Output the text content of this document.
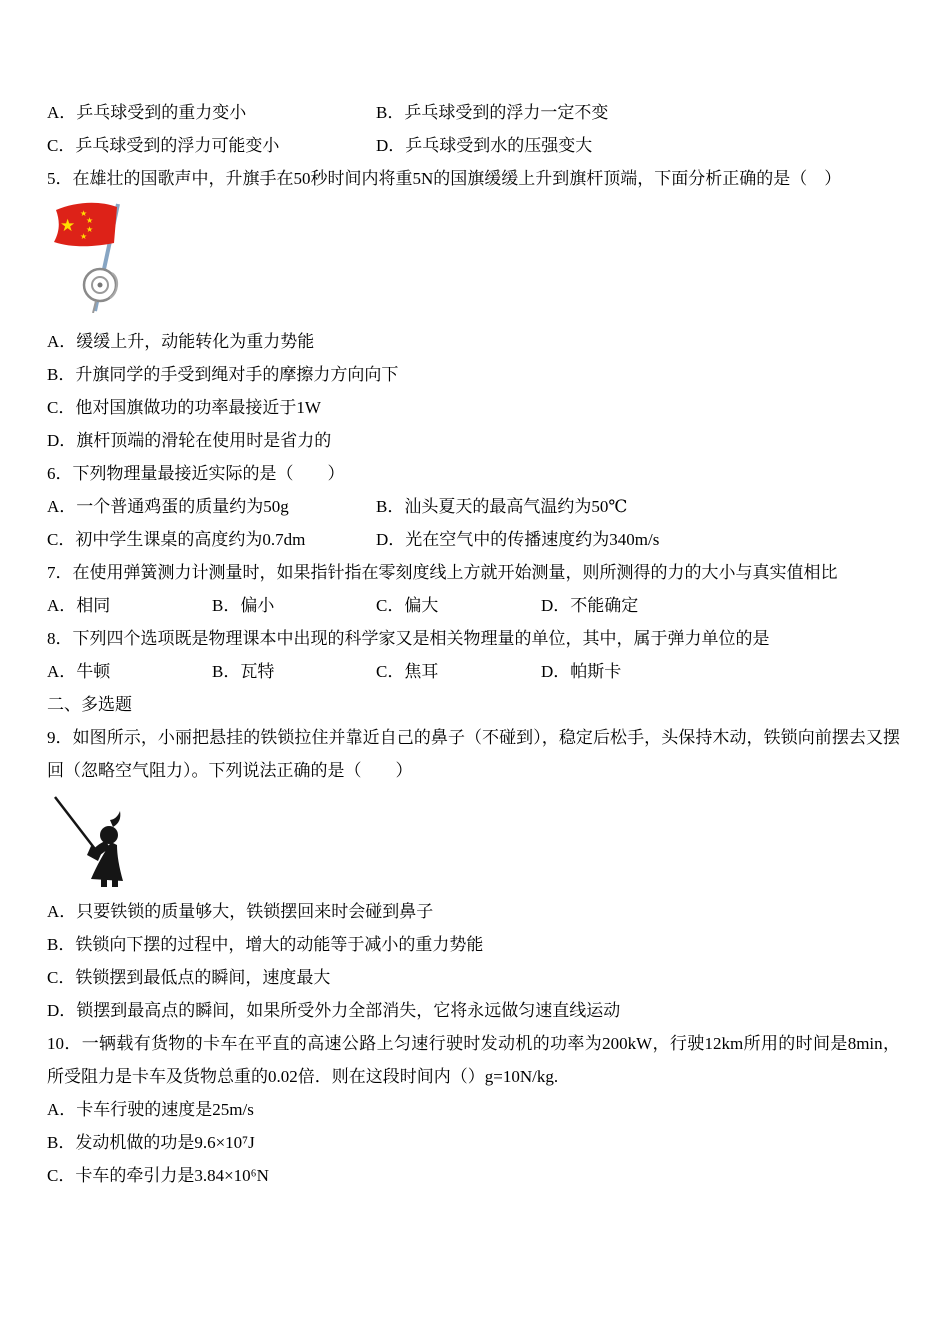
A．乒乓球受到的重力变小	B．乒乓球受到的浮力一定不变
C．乒乓球受到的浮力可能变小	D．乒乓球受到水的压强变大
5．在雄壮的国歌声中，升旗手在50秒时间内将重5N的国旗缓缓上升到旗杆顶端，下面分析正确的是（　）
★
★
★
★
★
A．缓缓上升，动能转化为重力势能
B．升旗同学的手受到绳对手的摩擦力方向向下
C．他对国旗做功的功率最接近于1W
D．旗杆顶端的滑轮在使用时是省力的
6．下列物理量最接近实际的是（　　）
A．一个普通鸡蛋的质量约为50g	B．汕头夏天的最高气温约为50℃
C．初中学生课桌的高度约为0.7dm	D．光在空气中的传播速度约为340m/s
7．在使用弹簧测力计测量时，如果指针指在零刻度线上方就开始测量，则所测得的力的大小与真实值相比
A．相同	B．偏小	C．偏大	D．不能确定
8．下列四个选项既是物理课本中出现的科学家又是相关物理量的单位，其中，属于弹力单位的是
A．牛顿	B．瓦特	C．焦耳	D．帕斯卡
二、多选题
9．如图所示，小丽把悬挂的铁锁拉住并靠近自己的鼻子（不碰到），稳定后松手，头保持木动，铁锁向前摆去又摆回（忽略空气阻力）。下列说法正确的是（　　）
A．只要铁锁的质量够大，铁锁摆回来时会碰到鼻子
B．铁锁向下摆的过程中，增大的动能等于减小的重力势能
C．铁锁摆到最低点的瞬间，速度最大
D．锁摆到最高点的瞬间，如果所受外力全部消失，它将永远做匀速直线运动
10．一辆载有货物的卡车在平直的高速公路上匀速行驶时发动机的功率为200kW，行驶12km所用的时间是8min，所受阻力是卡车及货物总重的0.02倍．则在这段时间内（）g=10N/kg.
A．卡车行驶的速度是25m/s
B．发动机做的功是9.6×10⁷J
C．卡车的牵引力是3.84×10⁶N
